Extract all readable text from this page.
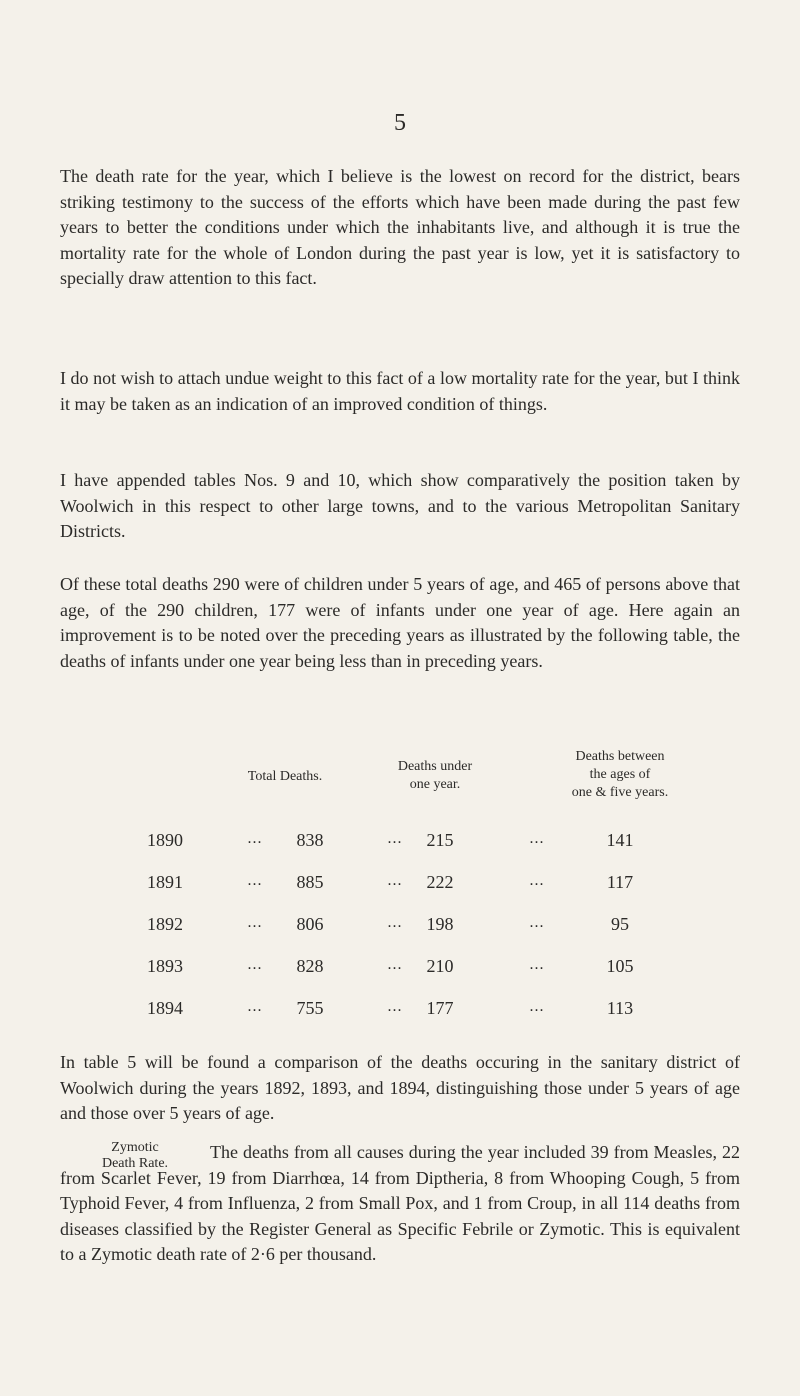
5

The death rate for the year, which I believe is the lowest on record for the district, bears striking testimony to the success of the efforts which have been made during the past few years to better the conditions under which the inhabitants live, and although it is true the mortality rate for the whole of London during the past year is low, yet it is satisfactory to specially draw attention to this fact.

I do not wish to attach undue weight to this fact of a low mortality rate for the year, but I think it may be taken as an indication of an improved condition of things.

I have appended tables Nos. 9 and 10, which show comparatively the position taken by Woolwich in this respect to other large towns, and to the various Metropolitan Sanitary Districts.

Of these total deaths 290 were of children under 5 years of age, and 465 of persons above that age, of the 290 children, 177 were of infants under one year of age. Here again an improvement is to be noted over the preceding years as illustrated by the following table, the deaths of infants under one year being less than in preceding years.

Total Deaths.
Deaths under
one year.
Deaths between
the ages of
one & five years.
1890	...	838	...	215	...	141
1891	...	885	...	222	...	117
1892	...	806	...	198	...	95
1893	...	828	...	210	...	105
1894	...	755	...	177	...	113

In table 5 will be found a comparison of the deaths occuring in the sanitary district of Woolwich during the years 1892, 1893, and 1894, distinguishing those under 5 years of age and those over 5 years of age.

Zymotic
Death Rate.

The deaths from all causes during the year included 39 from Measles, 22 from Scarlet Fever, 19 from Diarrhœa, 14 from Diptheria, 8 from Whooping Cough, 5 from Typhoid Fever, 4 from Influenza, 2 from Small Pox, and 1 from Croup, in all 114 deaths from diseases classified by the Register General as Specific Febrile or Zymotic. This is equivalent to a Zymotic death rate of 2·6 per thousand.
